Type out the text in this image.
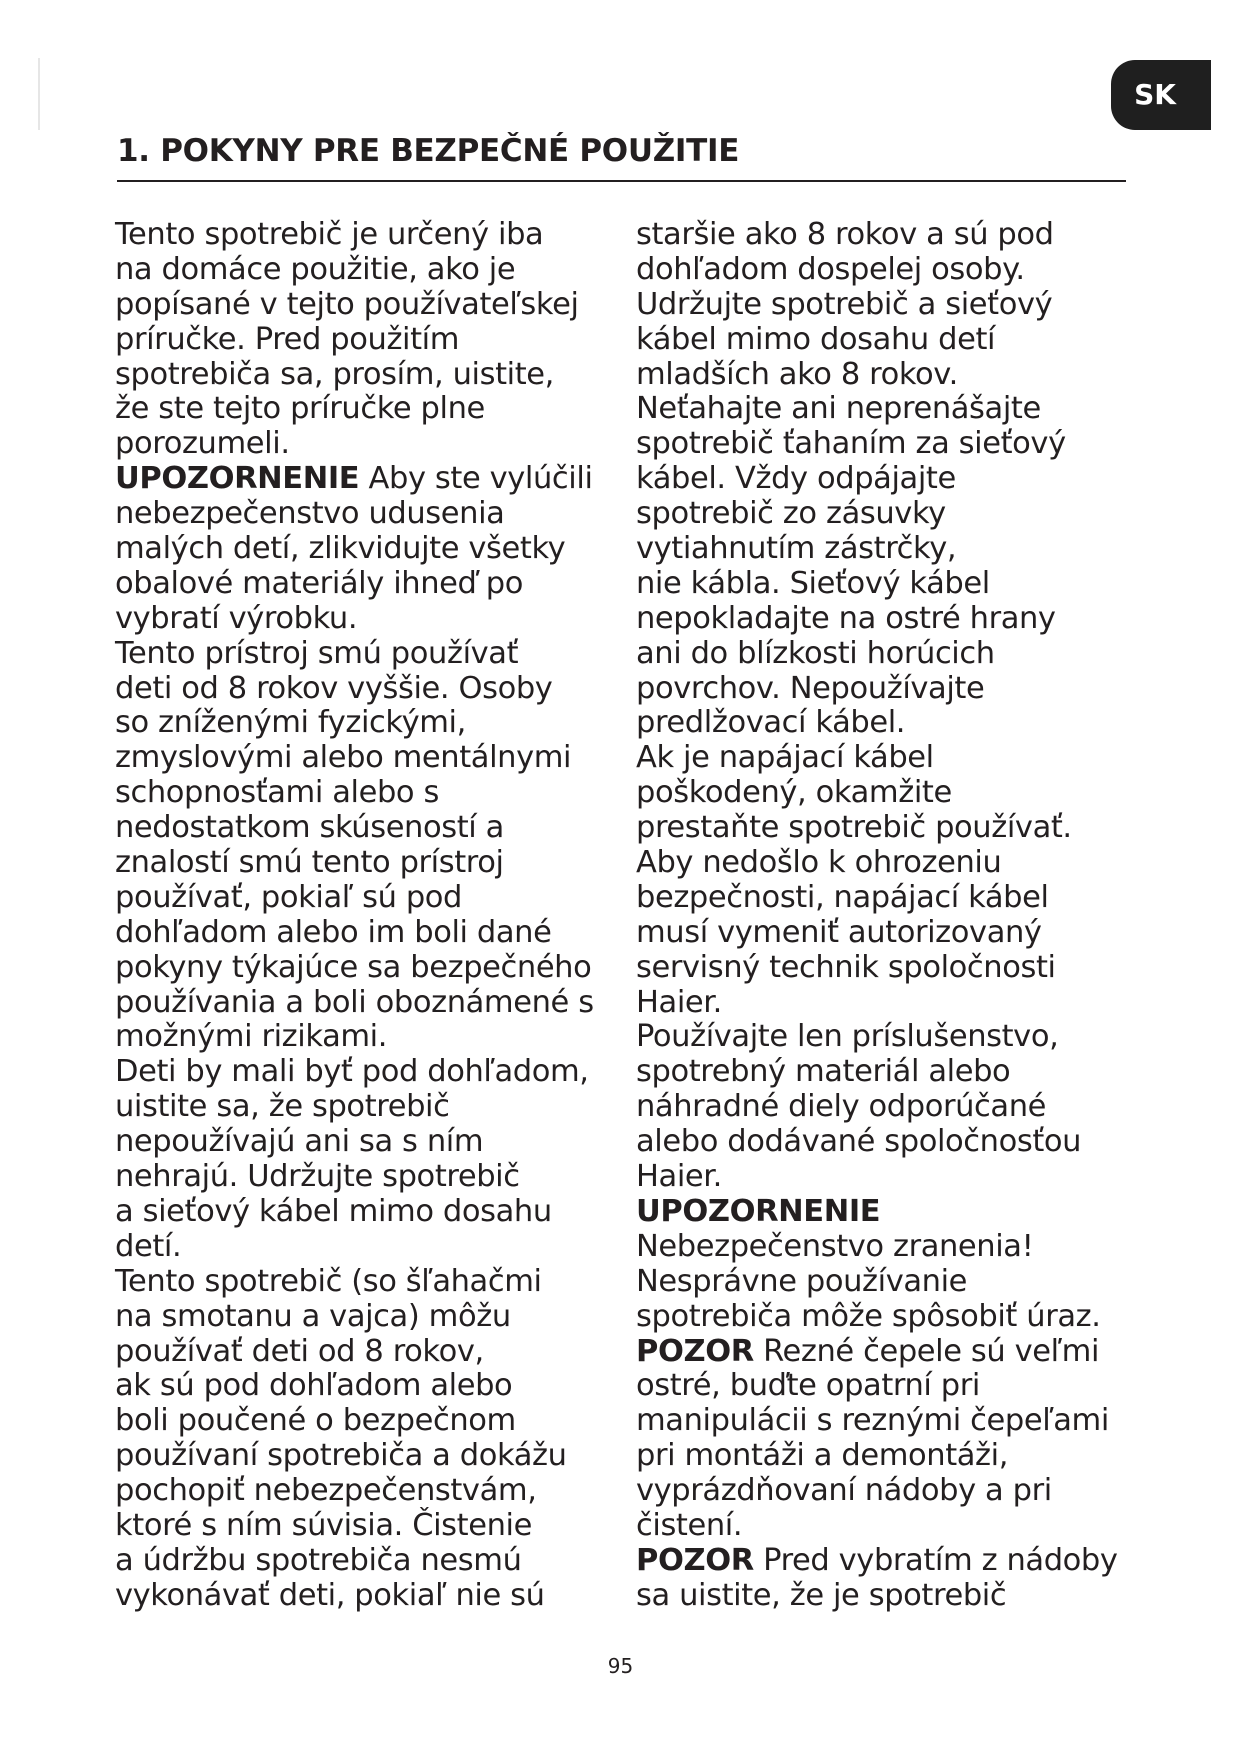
SK
1. POKYNY PRE BEZPEČNÉ POUŽITIE
Tento spotrebič je určený iba
na domáce použitie, ako je
popísané v tejto používateľskej
príručke. Pred použitím
spotrebiča sa, prosím, uistite,
že ste tejto príručke plne
porozumeli.
UPOZORNENIE Aby ste vylúčili
nebezpečenstvo udusenia
malých detí, zlikvidujte všetky
obalové materiály ihneď po
vybratí výrobku.
Tento prístroj smú používať
deti od 8 rokov vyššie. Osoby
so zníženými fyzickými,
zmyslovými alebo mentálnymi
schopnosťami alebo s
nedostatkom skúseností a
znalostí smú tento prístroj
používať, pokiaľ sú pod
dohľadom alebo im boli dané
pokyny týkajúce sa bezpečného
používania a boli oboznámené s
možnými rizikami.
Deti by mali byť pod dohľadom,
uistite sa, že spotrebič
nepoužívajú ani sa s ním
nehrajú. Udržujte spotrebič
a sieťový kábel mimo dosahu
detí.
Tento spotrebič (so šľahačmi
na smotanu a vajca) môžu
používať deti od 8 rokov,
ak sú pod dohľadom alebo
boli poučené o bezpečnom
používaní spotrebiča a dokážu
pochopiť nebezpečenstvám,
ktoré s ním súvisia. Čistenie
a údržbu spotrebiča nesmú
vykonávať deti, pokiaľ nie sú
staršie ako 8 rokov a sú pod
dohľadom dospelej osoby.
Udržujte spotrebič a sieťový
kábel mimo dosahu detí
mladších ako 8 rokov.
Neťahajte ani neprenášajte
spotrebič ťahaním za sieťový
kábel. Vždy odpájajte
spotrebič zo zásuvky
vytiahnutím zástrčky,
nie kábla. Sieťový kábel
nepokladajte na ostré hrany
ani do blízkosti horúcich
povrchov. Nepoužívajte
predlžovací kábel.
Ak je napájací kábel
poškodený, okamžite
prestaňte spotrebič používať.
Aby nedošlo k ohrozeniu
bezpečnosti, napájací kábel
musí vymeniť autorizovaný
servisný technik spoločnosti
Haier.
Používajte len príslušenstvo,
spotrebný materiál alebo
náhradné diely odporúčané
alebo dodávané spoločnosťou
Haier.
UPOZORNENIE
Nebezpečenstvo zranenia!
Nesprávne používanie
spotrebiča môže spôsobiť úraz.
POZOR Rezné čepele sú veľmi
ostré, buďte opatrní pri
manipulácii s reznými čepeľami
pri montáži a demontáži,
vyprázdňovaní nádoby a pri
čistení.
POZOR Pred vybratím z nádoby
sa uistite, že je spotrebič
95
